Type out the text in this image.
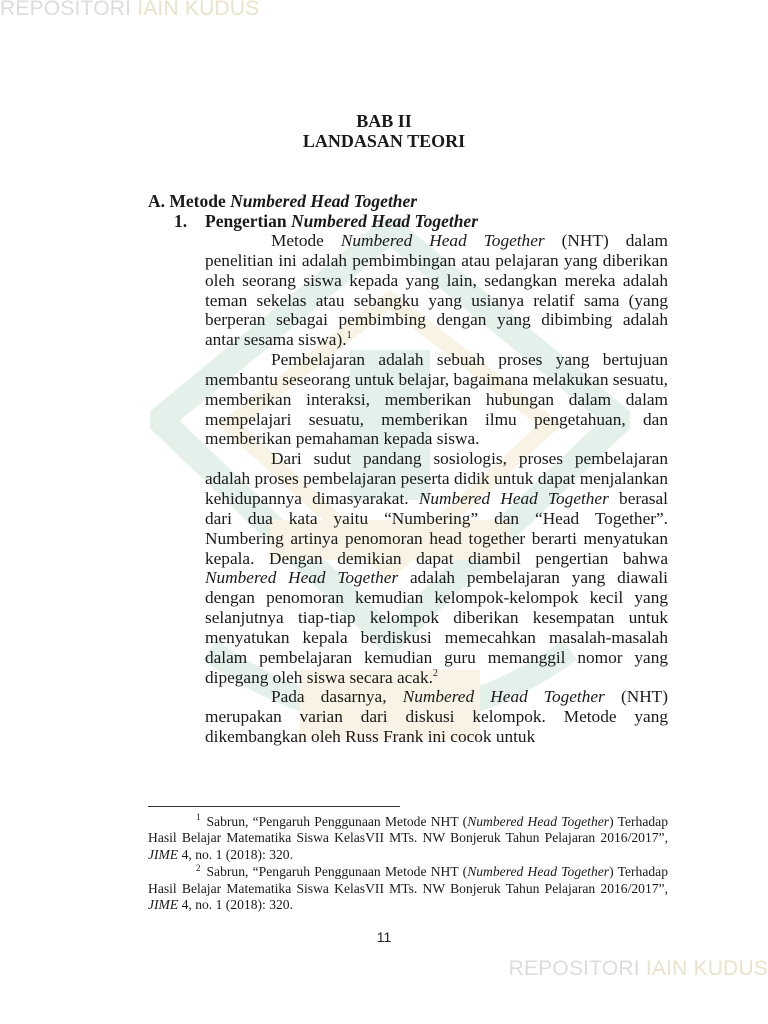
REPOSITORI IAIN KUDUS
BAB II
LANDASAN TEORI
A. Metode Numbered Head Together
1. Pengertian Numbered Head Together

Metode Numbered Head Together (NHT) dalam penelitian ini adalah pembimbingan atau pelajaran yang diberikan oleh seorang siswa kepada yang lain, sedangkan mereka adalah teman sekelas atau sebangku yang usianya relatif sama (yang berperan sebagai pembimbing dengan yang dibimbing adalah antar sesama siswa).$^1$

Pembelajaran adalah sebuah proses yang bertujuan membantu seseorang untuk belajar, bagaimana melakukan sesuatu, memberikan interaksi, memberikan hubungan dalam dalam mempelajari sesuatu, memberikan ilmu pengetahuan, dan memberikan pemahaman kepada siswa.

Dari sudut pandang sosiologis, proses pembelajaran adalah proses pembelajaran peserta didik untuk dapat menjalankan kehidupannya dimasyarakat. Numbered Head Together berasal dari dua kata yaitu “Numbering” dan “Head Together”. Numbering artinya penomoran head together berarti menyatukan kepala. Dengan demikian dapat diambil pengertian bahwa Numbered Head Together adalah pembelajaran yang diawali dengan penomoran kemudian kelompok-kelompok kecil yang selanjutnya tiap-tiap kelompok diberikan kesempatan untuk menyatukan kepala berdiskusi memecahkan masalah-masalah dalam pembelajaran kemudian guru memanggil nomor yang dipegang oleh siswa secara acak.$^2$

Pada dasarnya, Numbered Head Together (NHT) merupakan varian dari diskusi kelompok. Metode yang dikembangkan oleh Russ Frank ini cocok untuk

$^1$ Sabrun, “Pengaruh Penggunaan Metode NHT (Numbered Head Together) Terhadap Hasil Belajar Matematika Siswa KelasVII MTs. NW Bonjeruk Tahun Pelajaran 2016/2017”, JIME 4, no. 1 (2018): 320.

$^2$ Sabrun, “Pengaruh Penggunaan Metode NHT (Numbered Head Together) Terhadap Hasil Belajar Matematika Siswa KelasVII MTs. NW Bonjeruk Tahun Pelajaran 2016/2017”, JIME 4, no. 1 (2018): 320.

11
REPOSITORI IAIN KUDUS
